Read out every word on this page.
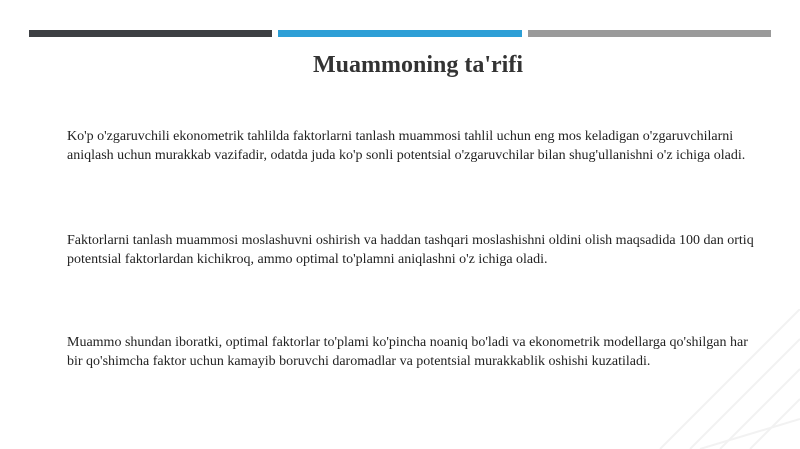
Muammoning ta'rifi

Ko'p o'zgaruvchili ekonometrik tahlilda faktorlarni tanlash muammosi tahlil uchun eng mos keladigan o'zgaruvchilarni aniqlash uchun murakkab vazifadir, odatda juda ko'p sonli potentsial o'zgaruvchilar bilan shug'ullanishni o'z ichiga oladi.

Faktorlarni tanlash muammosi moslashuvni oshirish va haddan tashqari moslashishni oldini olish maqsadida 100 dan ortiq potentsial faktorlardan kichikroq, ammo optimal to'plamni aniqlashni o'z ichiga oladi.

Muammo shundan iboratki, optimal faktorlar to'plami ko'pincha noaniq bo'ladi va ekonometrik modellarga qo'shilgan har bir qo'shimcha faktor uchun kamayib boruvchi daromadlar va potentsial murakkablik oshishi kuzatiladi.
